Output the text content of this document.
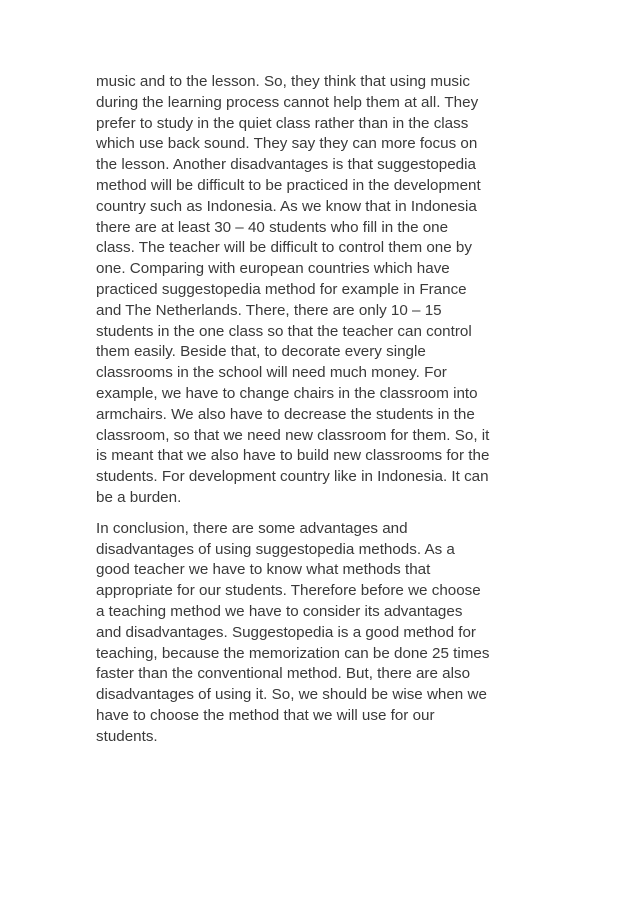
music and to the lesson. So, they think that using music
during the learning process cannot help them at all. They
prefer to study in the quiet class rather than in the class
which use back sound. They say they can more focus on
the lesson. Another disadvantages is that suggestopedia
method will be difficult to be practiced in the development
country such as Indonesia. As we know that in Indonesia
there are at least 30 – 40 students who fill in the one
class. The teacher will be difficult to control them one by
one. Comparing with european countries which have
practiced suggestopedia method for example in France
and The Netherlands. There, there are only 10 – 15
students in the one class so that the teacher can control
them easily. Beside that, to decorate every single
classrooms in the school will need much money. For
example, we have to change chairs in the classroom into
armchairs. We also have to decrease the students in the
classroom, so that we need new classroom for them. So, it
is meant that we also have to build new classrooms for the
students. For development country like in Indonesia. It can
be a burden.

In conclusion, there are some advantages and
disadvantages of using suggestopedia methods. As a
good teacher we have to know what methods that
appropriate for our students. Therefore before we choose
a teaching method we have to consider its advantages
and disadvantages. Suggestopedia is a good method for
teaching, because the memorization can be done 25 times
faster than the conventional method. But, there are also
disadvantages of using it. So, we should be wise when we
have to choose the method that we will use for our
students.
